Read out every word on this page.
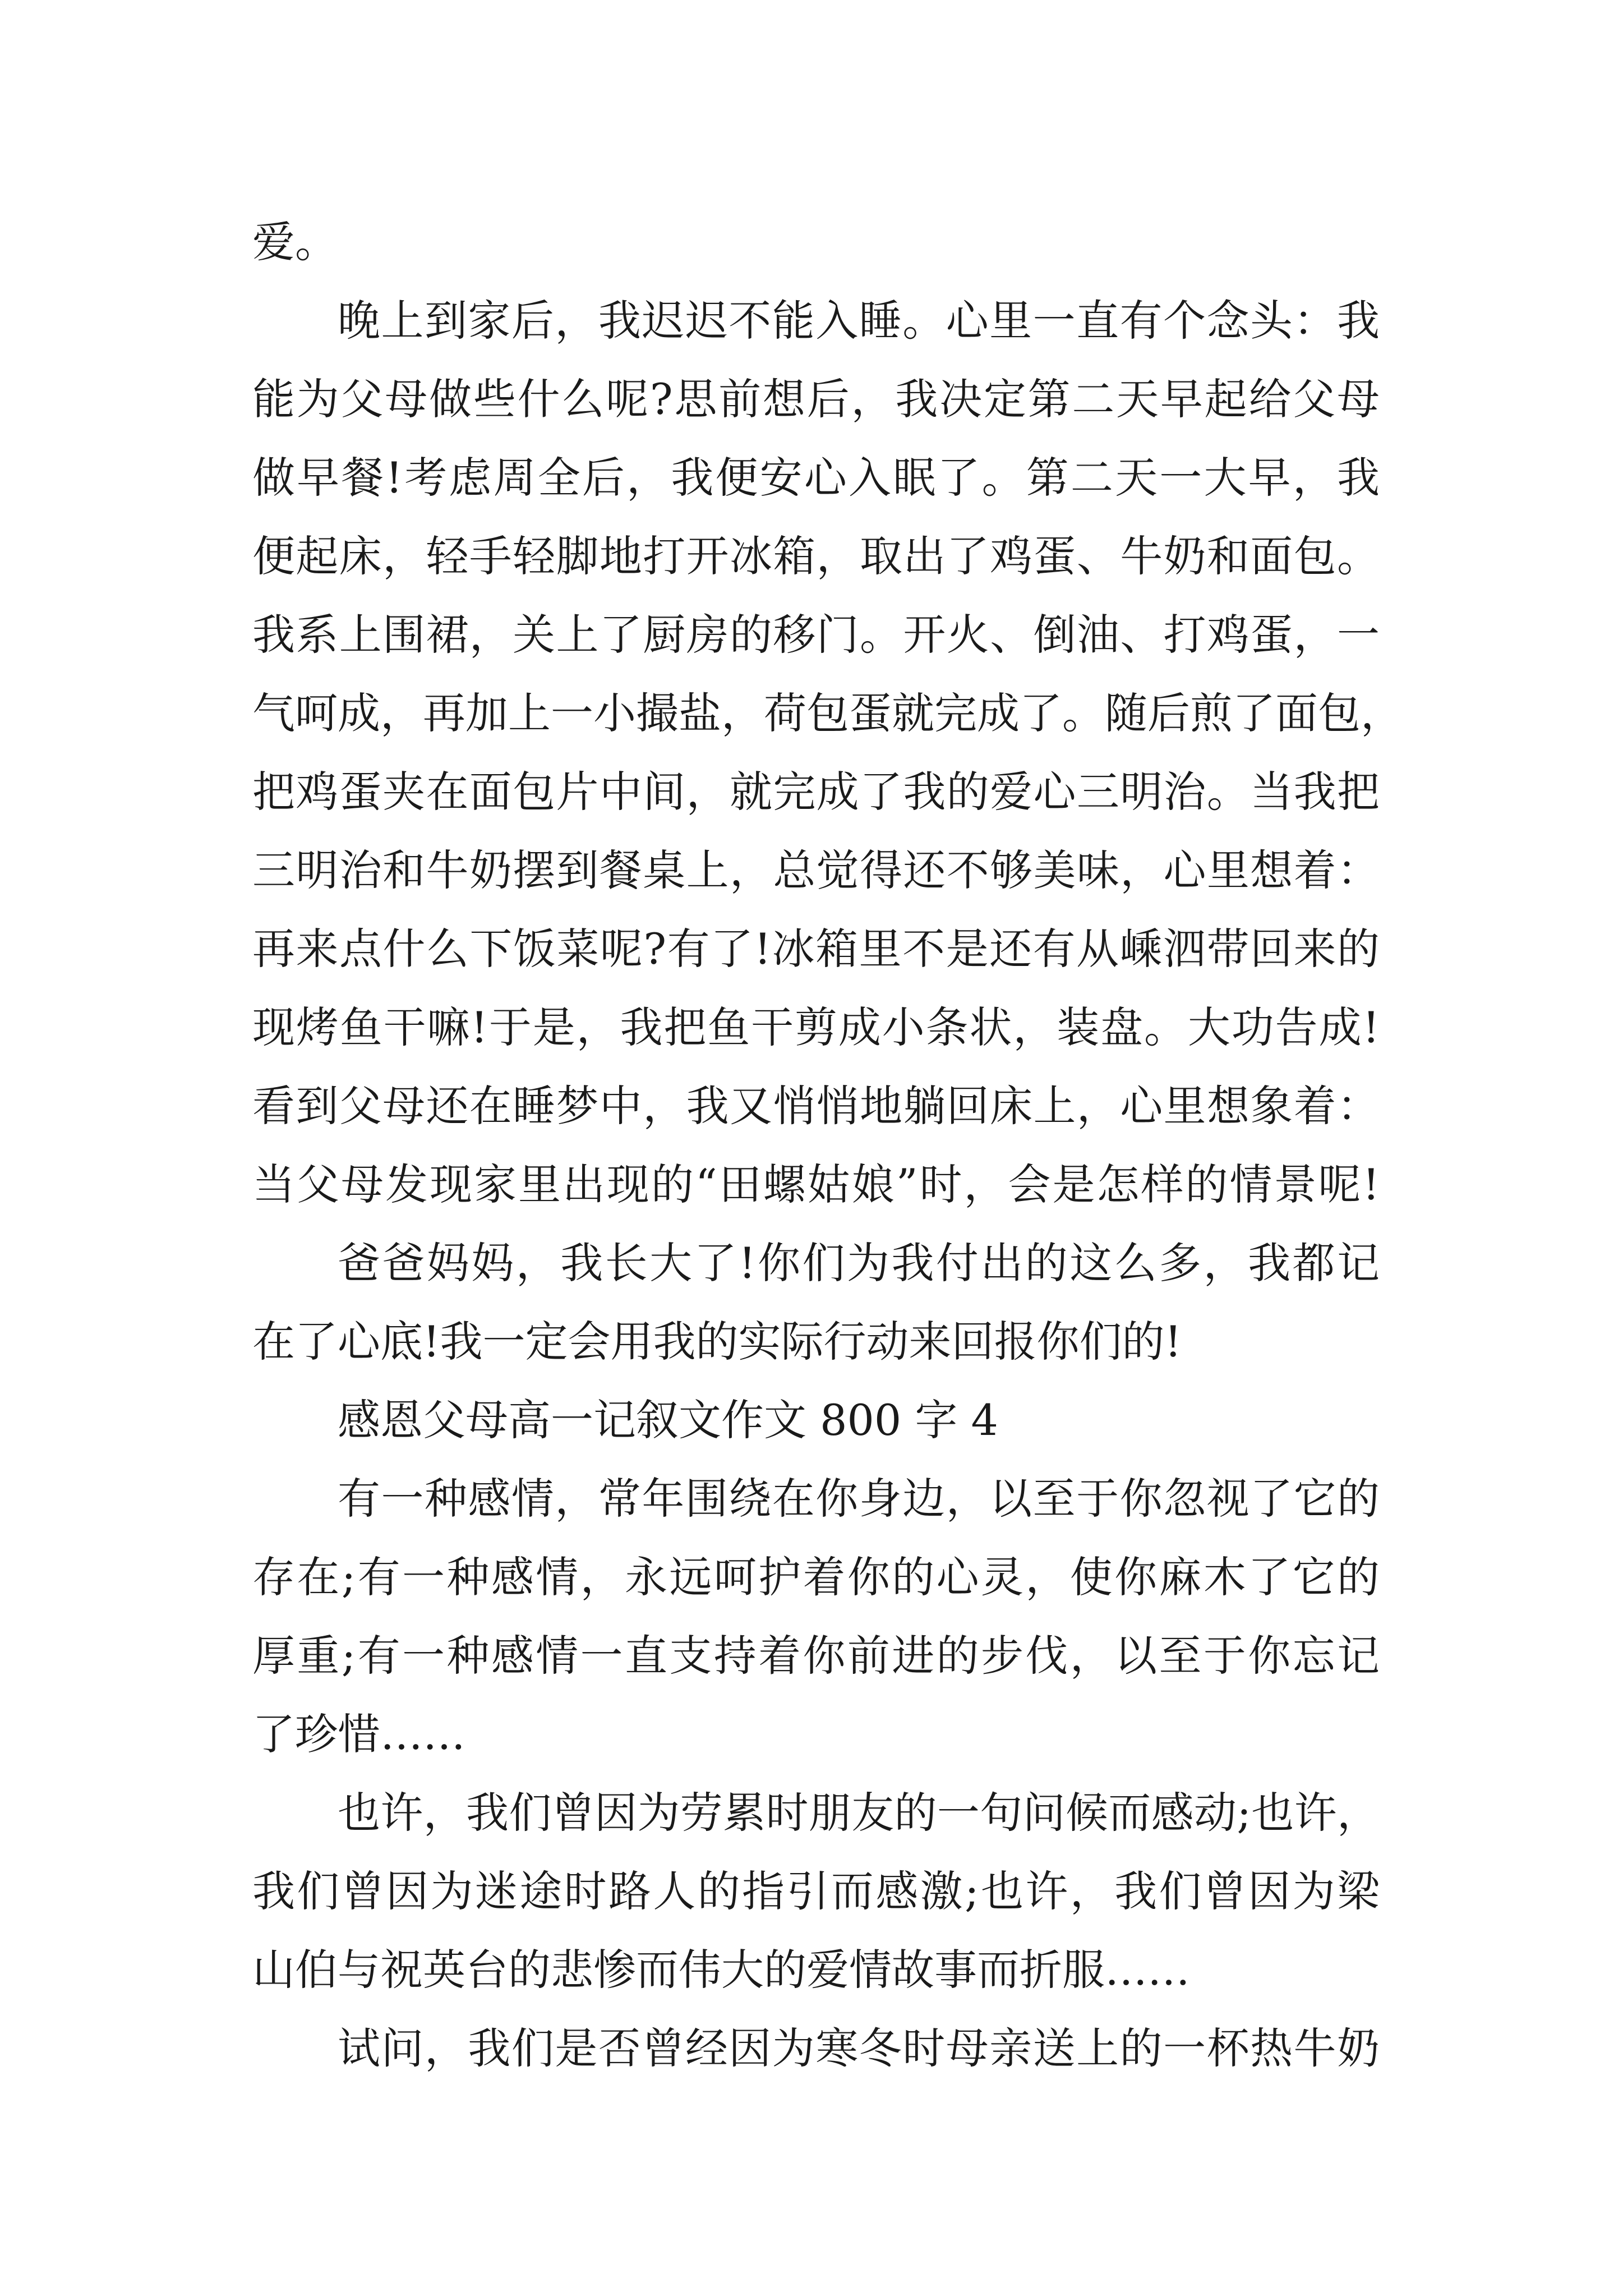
爱。
晚上到家后，我迟迟不能入睡。心里一直有个念头：我
能为父母做些什么呢?思前想后，我决定第二天早起给父母
做早餐!考虑周全后，我便安心入眠了。第二天一大早，我
便起床，轻手轻脚地打开冰箱，取出了鸡蛋、牛奶和面包。
我系上围裙，关上了厨房的移门。开火、倒油、打鸡蛋，一
气呵成，再加上一小撮盐，荷包蛋就完成了。随后煎了面包，
把鸡蛋夹在面包片中间，就完成了我的爱心三明治。当我把
三明治和牛奶摆到餐桌上，总觉得还不够美味，心里想着：
再来点什么下饭菜呢?有了!冰箱里不是还有从嵊泗带回来的
现烤鱼干嘛!于是，我把鱼干剪成小条状，装盘。大功告成!
看到父母还在睡梦中，我又悄悄地躺回床上，心里想象着：
当父母发现家里出现的“田螺姑娘”时，会是怎样的情景呢!
爸爸妈妈，我长大了!你们为我付出的这么多，我都记
在了心底!我一定会用我的实际行动来回报你们的!
感恩父母高一记叙文作文 800 字 4
有一种感情，常年围绕在你身边，以至于你忽视了它的
存在;有一种感情，永远呵护着你的心灵，使你麻木了它的
厚重;有一种感情一直支持着你前进的步伐，以至于你忘记
了珍惜……
也许，我们曾因为劳累时朋友的一句问候而感动;也许，
我们曾因为迷途时路人的指引而感激;也许，我们曾因为梁
山伯与祝英台的悲惨而伟大的爱情故事而折服……
试问，我们是否曾经因为寒冬时母亲送上的一杯热牛奶
